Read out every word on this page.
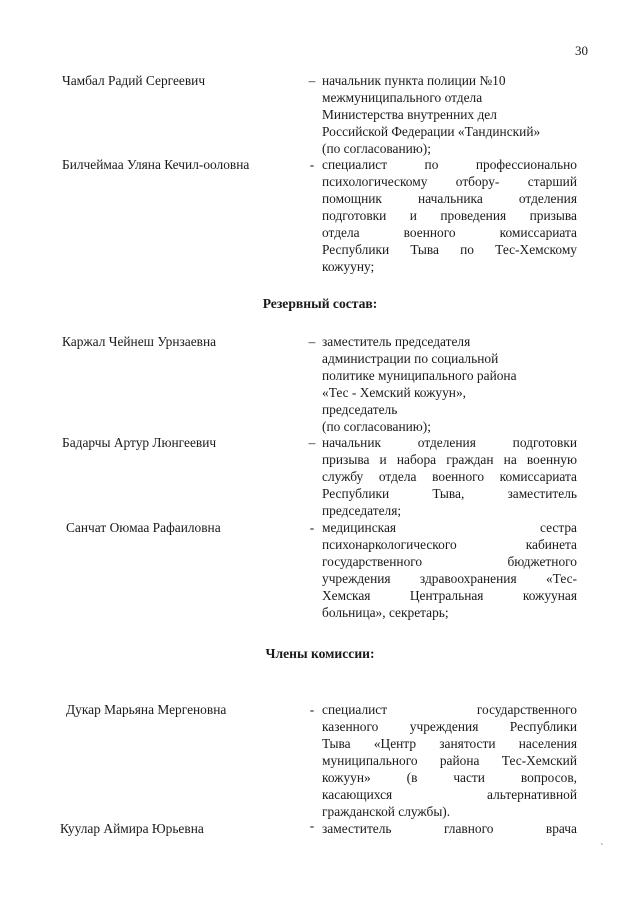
30
Чамбал Радий Сергеевич	– начальник пункта полиции №10
межмуниципального отдела
Министерства внутренних дел
Российской Федерации «Тандинский»
(по согласованию);
Билчеймаа Уляна Кечил-ооловна	- специалист по профессионально
психологическому отбору- старший
помощник начальника отделения
подготовки и проведения призыва
отдела военного комиссариата
Республики Тыва по Тес-Хемскому
кожууну;
Резервный состав:
Каржал Чейнеш Урнзаевна	– заместитель председателя
администрации по социальной
политике муниципального района
«Тес - Хемский кожуун»,
председатель
(по согласованию);
Бадарчы Артур Люнгеевич	– начальник отделения подготовки
призыва и набора граждан на военную
службу отдела военного комиссариата
Республики Тыва, заместитель
председателя;
Санчат Оюмаа Рафаиловна	- медицинская сестра
психонаркологического кабинета
государственного бюджетного
учреждения здравоохранения «Тес-
Хемская Центральная кожууная
больница», секретарь;
Члены комиссии:
Дукар Марьяна Мергеновна	- специалист государственного
казенного учреждения Республики
Тыва «Центр занятости населения
муниципального района Тес-Хемский
кожуун» (в части вопросов,
касающихся альтернативной
гражданской службы).
Куулар Аймира Юрьевна	- заместитель главного врача
`
